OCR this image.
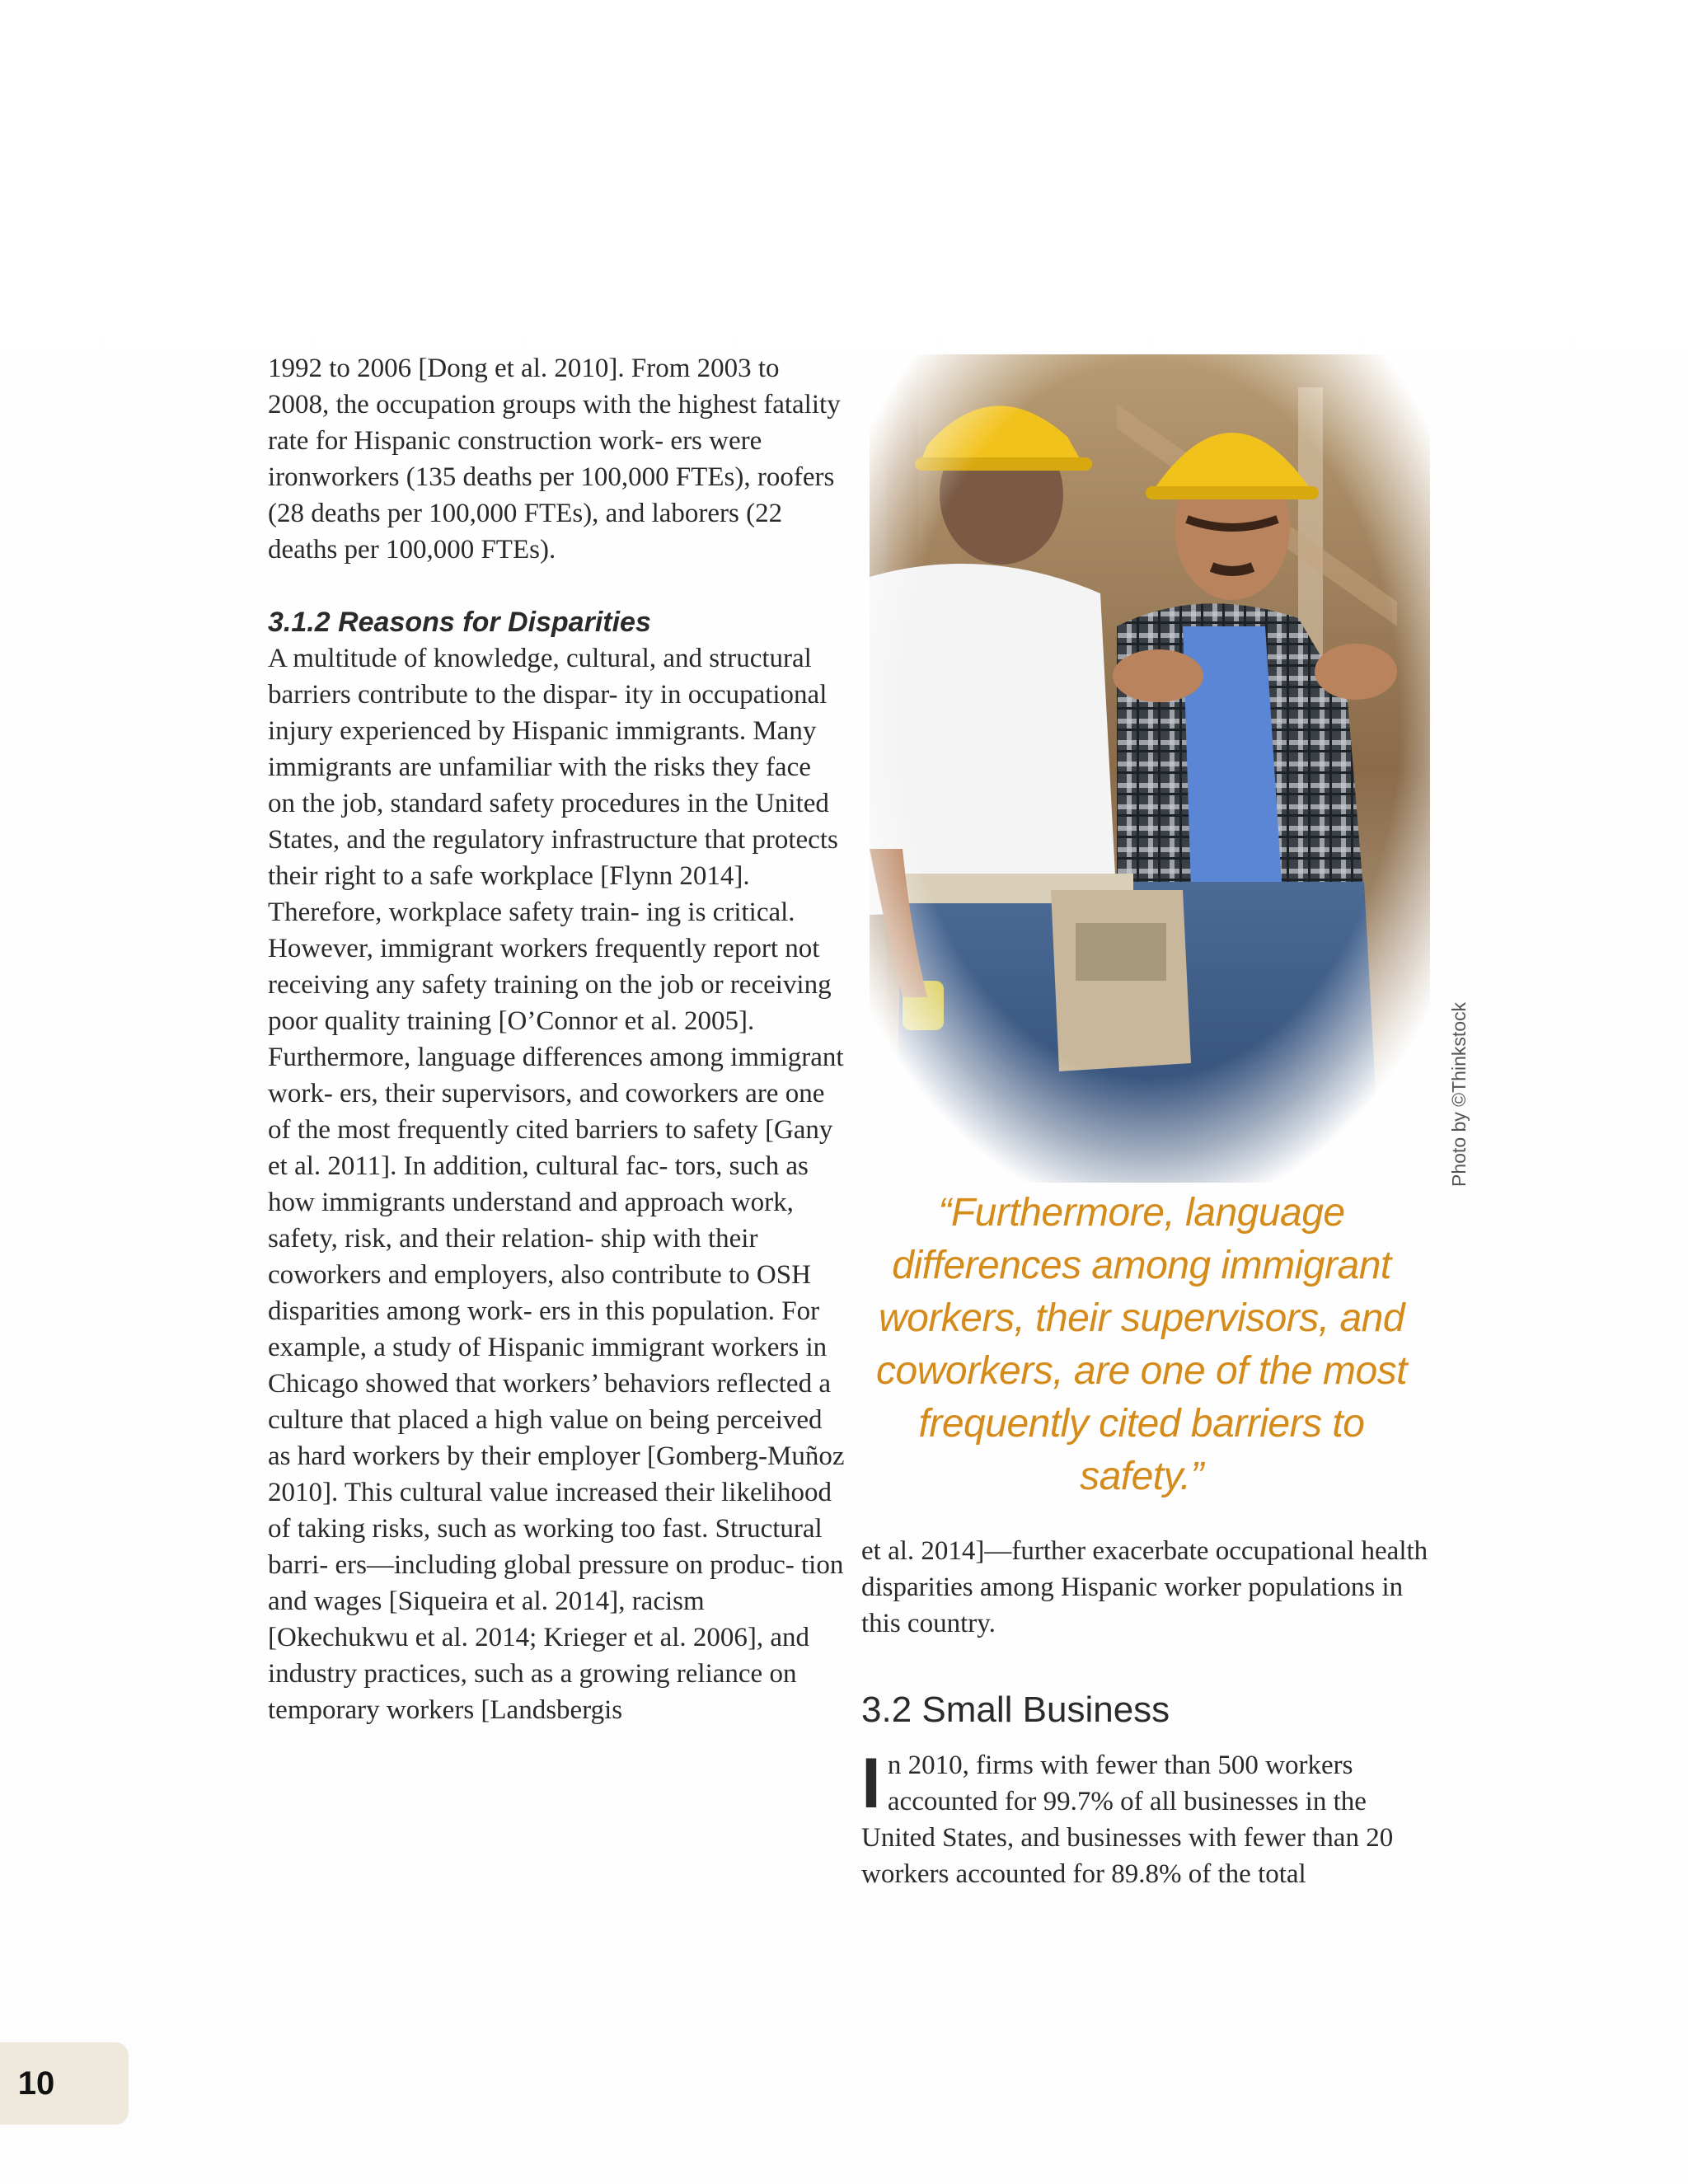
1992 to 2006 [Dong et al. 2010]. From 2003 to 2008, the occupation groups with the highest fatality rate for Hispanic construction work- ers were ironworkers (135 deaths per 100,000 FTEs), roofers (28 deaths per 100,000 FTEs), and laborers (22 deaths per 100,000 FTEs).

3.1.2 Reasons for Disparities

A multitude of knowledge, cultural, and structural barriers contribute to the dispar- ity in occupational injury experienced by Hispanic immigrants. Many immigrants are unfamiliar with the risks they face on the job, standard safety procedures in the United States, and the regulatory infrastructure that protects their right to a safe workplace [Flynn 2014]. Therefore, workplace safety train- ing is critical. However, immigrant workers frequently report not receiving any safety training on the job or receiving poor quality training [O’Connor et al. 2005]. Furthermore, language differences among immigrant work- ers, their supervisors, and coworkers are one of the most frequently cited barriers to safety [Gany et al. 2011]. In addition, cultural fac- tors, such as how immigrants understand and approach work, safety, risk, and their relation- ship with their coworkers and employers, also contribute to OSH disparities among work- ers in this population. For example, a study of Hispanic immigrant workers in Chicago showed that workers’ behaviors reflected a culture that placed a high value on being perceived as hard workers by their employer [Gomberg-Muñoz 2010]. This cultural value increased their likelihood of taking risks, such as working too fast. Structural barri- ers—including global pressure on produc- tion and wages [Siqueira et al. 2014], racism [Okechukwu et al. 2014; Krieger et al. 2006], and industry practices, such as a growing reliance on temporary workers [Landsbergis

Photo by ©Thinkstock

“Furthermore, language differences among immigrant workers, their supervisors, and coworkers, are one of the most frequently cited barriers to safety.”

et al. 2014]—further exacerbate occupational health disparities among Hispanic worker populations in this country.

3.2 Small Business
I n 2010, firms with fewer than 500 workers accounted for 99.7% of all businesses in the United States, and businesses with fewer than 20 workers accounted for 89.8% of the total

10
